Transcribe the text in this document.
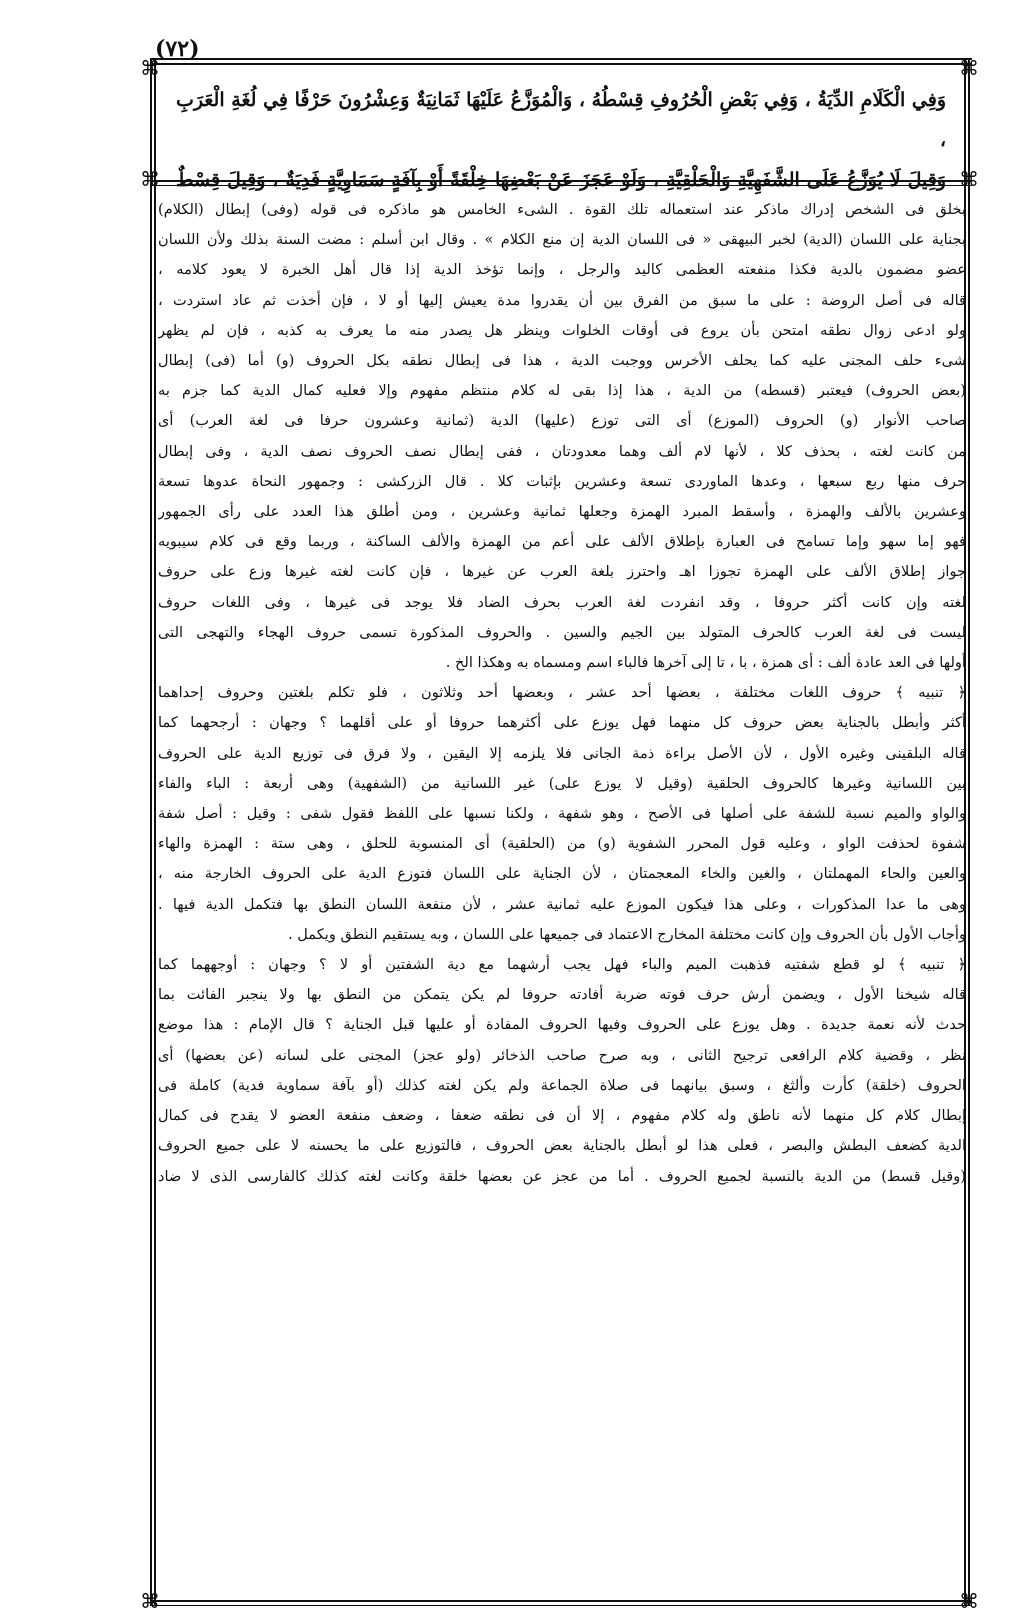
(٧٢)
⌘	⌘
⌘	⌘
⌘	⌘

وَفِي الْكَلَامِ الدِّيَةُ ، وَفِي بَعْضِ الْحُرُوفِ قِسْطُهُ ، وَالْمُوَزَّعُ عَلَيْهَا ثَمَانِيَةٌ وَعِشْرُونَ حَرْفًا فِي لُغَةِ الْعَرَبِ ،

وَقِيلَ لَا يُوَزَّعُ عَلَى الشَّفَهِيَّةِ وَالْحَلْقِيَّةِ ، وَلَوْ عَجَزَ عَنْ بَعْضِهَا خِلْقَةً أَوْ بِآفَةٍ سَمَاوِيَّةٍ فَدِيَةٌ ، وَقِيلَ قِسْطٌ

بخلق فى الشخص إدراك ماذكر عند استعماله تلك القوة . الشىء الخامس هو ماذكره فى قوله (وفى) إبطال (الكلام)

بجناية على اللسان (الدية) لخبر البيهقى « فى اللسان الدية إن منع الكلام » . وقال ابن أسلم : مضت السنة بذلك ولأن اللسان

عضو مضمون بالدية فكذا منفعته العظمى كاليد والرجل ، وإنما تؤخذ الدية إذا قال أهل الخبرة لا يعود كلامه ،

قاله فى أصل الروضة : على ما سبق من الفرق بين أن يقدروا مدة يعيش إليها أو لا ، فإن أخذت ثم عاد استردت ،

ولو ادعى زوال نطقه امتحن بأن يروع فى أوقات الخلوات وينظر هل يصدر منه ما يعرف به كذبه ، فإن لم يظهر

شىء حلف المجنى عليه كما يحلف الأخرس ووجبت الدية ، هذا فى إبطال نطقه بكل الحروف (و) أما (فى) إبطال

(بعض الحروف) فيعتبر (قسطه) من الدية ، هذا إذا بقى له كلام منتظم مفهوم وإلا فعليه كمال الدية كما جزم به

صاحب الأنوار (و) الحروف (الموزع) أى التى توزع (عليها) الدية (ثمانية وعشرون حرفا فى لغة العرب) أى

من كانت لغته ، بحذف كلا ، لأنها لام ألف وهما معدودتان ، ففى إبطال نصف الحروف نصف الدية ، وفى إبطال

حرف منها ربع سبعها ، وعدها الماوردى تسعة وعشرين بإثبات كلا . قال الزركشى : وجمهور النحاة عدوها تسعة

وعشرين بالألف والهمزة ، وأسقط المبرد الهمزة وجعلها ثمانية وعشرين ، ومن أطلق هذا العدد على رأى الجمهور

فهو إما سهو وإما تسامح فى العبارة بإطلاق الألف على أعم من الهمزة والألف الساكنة ، وربما وقع فى كلام سيبويه

جواز إطلاق الألف على الهمزة تجوزا اهـ واحترز بلغة العرب عن غيرها ، فإن كانت لغته غيرها وزع على حروف

لغته وإن كانت أكثر حروفا ، وقد انفردت لغة العرب بحرف الضاد فلا يوجد فى غيرها ، وفى اللغات حروف

ليست فى لغة العرب كالحرف المتولد بين الجيم والسين . والحروف المذكورة تسمى حروف الهجاء والتهجى التى

أولها فى العد عادة ألف : أى همزة ، با ، تا إلى آخرها فالباء اسم ومسماه به وهكذا الخ .

﴿ تنبيه ﴾ حروف اللغات مختلفة ، بعضها أحد عشر ، وبعضها أحد وثلاثون ، فلو تكلم بلغتين وحروف إحداهما

أكثر وأبطل بالجناية بعض حروف كل منهما فهل يوزع على أكثرهما حروفا أو على أقلهما ؟ وجهان : أرجحهما كما

قاله البلقينى وغيره الأول ، لأن الأصل براءة ذمة الجانى فلا يلزمه إلا اليقين ، ولا فرق فى توزيع الدية على الحروف

بين اللسانية وغيرها كالحروف الحلقية (وقيل لا يوزع على) غير اللسانية من (الشفهية) وهى أربعة : الباء والفاء

والواو والميم نسبة للشفة على أصلها فى الأصح ، وهو شفهة ، ولكنا نسبها على اللفظ فقول شفى : وقيل : أصل شفة

شفوة لحذفت الواو ، وعليه قول المحرر الشفوية (و) من (الحلقية) أى المنسوبة للحلق ، وهى ستة : الهمزة والهاء

والعين والحاء المهملتان ، والغين والخاء المعجمتان ، لأن الجناية على اللسان فتوزع الدية على الحروف الخارجة منه ،

وهى ما عدا المذكورات ، وعلى هذا فيكون الموزع عليه ثمانية عشر ، لأن منفعة اللسان النطق بها فتكمل الدية فيها .

وأجاب الأول بأن الحروف وإن كانت مختلفة المخارج الاعتماد فى جميعها على اللسان ، وبه يستقيم النطق ويكمل .

﴿ تنبيه ﴾ لو قطع شفتيه فذهبت الميم والباء فهل يجب أرشهما مع دية الشفتين أو لا ؟ وجهان : أوجههما كما

قاله شيخنا الأول ، ويضمن أرش حرف فوته ضربة أفادته حروفا لم يكن يتمكن من النطق بها ولا ينجبر الفائت بما

حدث لأنه نعمة جديدة . وهل يوزع على الحروف وفيها الحروف المفادة أو عليها قبل الجناية ؟ قال الإمام : هذا موضع

نظر ، وقضية كلام الرافعى ترجيح الثانى ، وبه صرح صاحب الذخائر (ولو عجز) المجنى على لسانه (عن بعضها) أى

الحروف (خلقة) كأرت وألثغ ، وسبق بيانهما فى صلاة الجماعة ولم يكن لغته كذلك (أو بآفة سماوية فدية) كاملة فى

إبطال كلام كل منهما لأنه ناطق وله كلام مفهوم ، إلا أن فى نطقه ضعفا ، وضعف منفعة العضو لا يقدح فى كمال

الدية كضعف البطش والبصر ، فعلى هذا لو أبطل بالجناية بعض الحروف ، فالتوزيع على ما يحسنه لا على جميع الحروف

(وقيل قسط) من الدية بالنسبة لجميع الحروف . أما من عجز عن بعضها خلقة وكانت لغته كذلك كالفارسى الذى لا ضاد
